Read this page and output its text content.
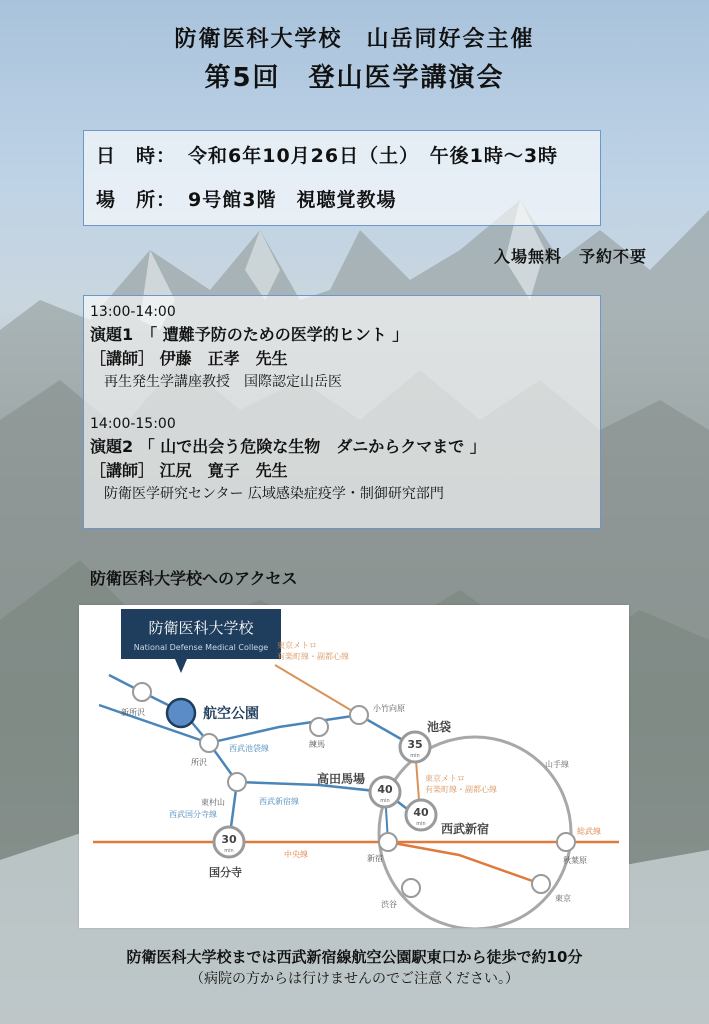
防衛医科大学校　山岳同好会主催
第5回　登山医学講演会
日　時： 令和6年10月26日（土）　午後1時～3時
場　所： 9号館3階　視聴覚教場
入場無料　予約不要
13:00-14:00
演題1　「 遭難予防のための医学的ヒント 」
［講師］ 伊藤　正孝　先生
再生発生学講座教授　国際認定山岳医
14:00-15:00
演題2 「 山で出会う危険な生物　ダニからクマまで 」
［講師］ 江尻　寛子　先生
防衛医学研究センター 広域感染症疫学・制御研究部門
防衛医科大学校へのアクセス
防衛医科大学校
National Defense Medical College
30
min
35
min
40
min
40
min
新所沢	航空公園
所沢
東村山
国分寺
練馬
小竹向原
池袋
高田馬場
西武新宿
新宿
渋谷
東京
秋葉原
東京メトロ
有楽町線・副都心線
東京メトロ
有楽町線・副都心線
西武池袋線
西武新宿線
西武国分寺線
中央線
山手線
総武線
防衛医科大学校までは西武新宿線航空公園駅東口から徒歩で約10分
（病院の方からは行けませんのでご注意ください。）
